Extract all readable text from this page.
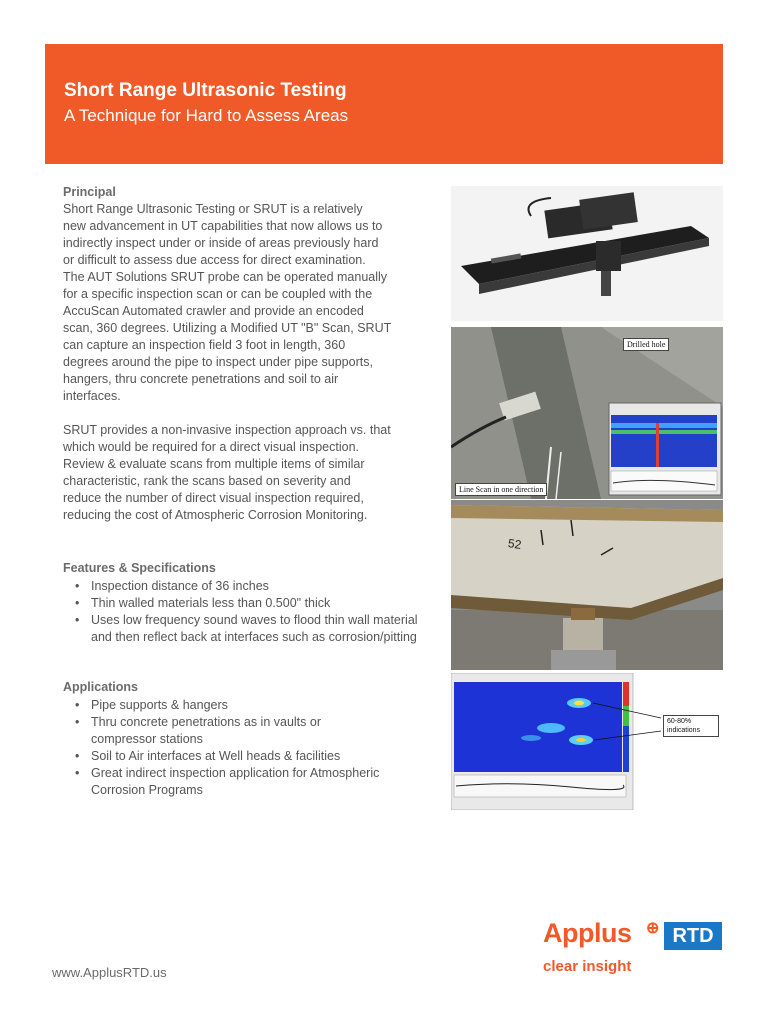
Short Range Ultrasonic Testing
A Technique for Hard to Assess Areas
Principal
Short Range Ultrasonic Testing or SRUT is a relatively
new advancement in UT capabilities that now allows us to
indirectly inspect under or inside of areas previously hard
or difficult to assess due access for direct examination.
The AUT Solutions SRUT probe can be operated manually
for a specific inspection scan or can be coupled with the
AccuScan Automated crawler and provide an encoded
scan, 360 degrees. Utilizing a Modified UT "B" Scan, SRUT
can capture an inspection field 3 foot in length, 360
degrees around the pipe to inspect under pipe supports,
hangers, thru concrete penetrations and soil to air
interfaces.
SRUT provides a non-invasive inspection approach vs. that
which would be required for a direct visual inspection.
Review & evaluate scans from multiple items of similar
characteristic, rank the scans based on severity and
reduce the number of direct visual inspection required,
reducing the cost of Atmospheric Corrosion Monitoring.
Features & Specifications
• Inspection distance of 36 inches
• Thin walled materials less than 0.500" thick
• Uses low frequency sound waves to flood thin wall material and then reflect back at interfaces such as corrosion/pitting
Applications
• Pipe supports & hangers
• Thru concrete penetrations as in vaults or compressor stations
• Soil to Air interfaces at Well heads & facilities
• Great indirect inspection application for Atmospheric Corrosion Programs
Drilled hole
Line Scan in one direction
52
60-80%
indications
www.ApplusRTD.us
Applus ⊕ RTD
clear insight
